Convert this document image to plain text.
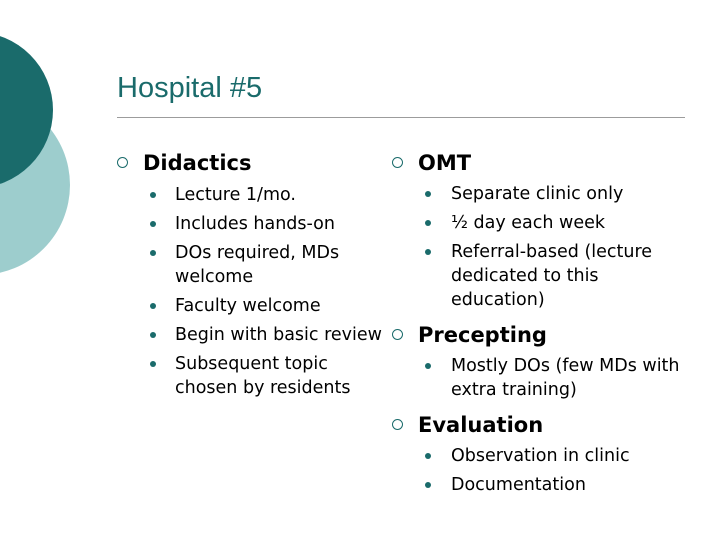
Hospital #5
Didactics
Lecture 1/mo.
Includes hands-on
DOs required, MDs welcome
Faculty welcome
Begin with basic review
Subsequent topic chosen by residents
OMT
Separate clinic only
½ day each week
Referral-based (lecture dedicated to this education)
Precepting
Mostly DOs (few MDs with extra training)
Evaluation
Observation in clinic
Documentation
